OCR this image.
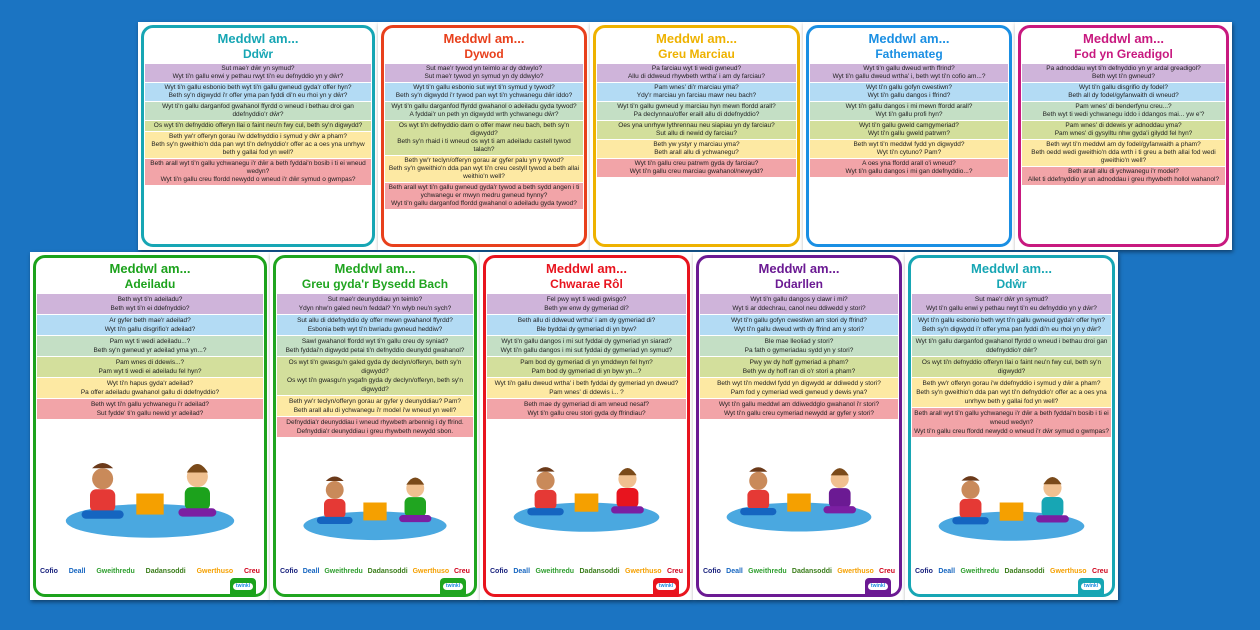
Meddwl am...
Ddŵr
Sut mae'r dŵr yn symud?
Wyt ti'n gallu enwi y pethau rwyt ti'n eu defnyddio yn y dŵr?
Wyt ti'n gallu esbonio beth wyt ti'n gallu gwneud gyda'r offer hyn?
Beth sy'n digwydd i'r offer yma pan fyddi di'n eu rhoi yn y dŵr?
Wyt ti'n gallu darganfod gwahanol ffyrdd o wneud i bethau droi gan ddefnyddio'r dŵr?
Os wyt ti'n defnyddio offeryn llai o faint neu'n fwy cul, beth sy'n digwydd?
Beth yw'r offeryn gorau i'w ddefnyddio i symud y dŵr a pham?
Beth sy'n gweithio'n dda pan wyt ti'n defnyddio'r offer ac a oes yna unrhyw beth y gallai fod yn well?
Beth arall wyt ti'n gallu ychwanegu i'r dŵr a beth fyddai'n bosib i ti ei wneud wedyn?
Wyt ti'n gallu creu ffordd newydd o wneud i'r dŵr symud o gwmpas?
Meddwl am...
Dywod
Sut mae'r tywod yn teimlo ar dy ddwylo?
Sut mae'r tywod yn symud yn dy ddwylo?
Wyt ti'n gallu esbonio sut wyt ti'n symud y tywod?
Beth sy'n digwydd i'r tywod pan wyt ti'n ychwanegu dŵr iddo?
Wyt ti'n gallu darganfod ffyrdd gwahanol o adeiladu gyda tywod?
A fyddai'r un peth yn digwydd wrth ychwanegu dŵr?
Os wyt ti'n defnyddio darn o offer mawr neu bach, beth sy'n digwydd?
Beth sy'n rhaid i ti wneud os wyt ti am adeiladu castell tywod talach?
Beth yw'r teclyn/offeryn gorau ar gyfer palu yn y tywod?
Beth sy'n gweithio'n dda pan wyt ti'n creu cestyll tywod a beth allai weithio'n well?
Beth arall wyt ti'n gallu gwneud gyda'r tywod a beth sydd angen i ti ychwanegu er mwyn medru gwneud hynny?
Wyt ti'n gallu darganfod ffordd gwahanol o adeiladu gyda tywod?
Meddwl am...
Greu Marciau
Pa farciau wyt ti wedi gwneud?
Allu di ddweud rhywbeth wrtha' i am dy farciau?
Pam wnes' di'r marciau yma?
Ydy'r marciau yn farciau mawr neu bach?
Wyt ti'n gallu gwneud y marciau hyn mewn ffordd arall?
Pa declynnau/offer eraill allu di ddefnyddio?
Oes yna unrhyw lythrennau neu siapiau yn dy farciau?
Sut allu di newid dy farciau?
Beth yw ystyr y marciau yma?
Beth arall allu di ychwanegu?
Wyt ti'n gallu creu patrwm gyda dy farciau?
Wyt ti'n gallu creu marciau gwahanol/newydd?
Meddwl am...
Fathemateg
Wyt ti'n gallu dweud wrth ffrind?
Wyt ti'n gallu dweud wrtha' i, beth wyt ti'n cofio am...?
Wyt ti'n gallu gofyn cwestiwn?
Wyt ti'n gallu dangos i ffrind?
Wyt ti'n gallu dangos i mi mewn ffordd arall?
Wyt ti'n gallu profi hyn?
Wyt ti'n gallu gweld camgymeriad?
Wyt ti'n gallu gweld patrwm?
Beth wyt ti'n meddwl fydd yn digwydd?
Wyt ti'n cytuno? Pam?
A oes yna ffordd arall o'i wneud?
Wyt ti'n gallu dangos i mi gan ddefnyddio...?
Meddwl am...
Fod yn Greadigol
Pa adnoddau wyt ti'n defnyddio yn yr ardal greadigol?
Beth wyt ti'n gwneud?
Wyt ti'n gallu disgrifio dy fodel?
Beth all dy fodel/gyfanwaith di wneud?
Pam wnes' di benderfynu creu...?
Beth wyt ti wedi ychwanegu iddo i ddangos mai... yw e'?
Pam wnes' di ddewis yr adnoddau yma?
Pam wnes' di gysylltu nhw gyda'i gilydd fel hyn?
Beth wyt ti'n meddwl am dy fodel/gyfanwaith a pham?
Beth oedd wedi gweithio'n dda wrth i ti greu a beth allai fod wedi gweithio'n well?
Beth arall allu di ychwanegu i'r model?
Allet ti ddefnyddio yr un adnoddau i greu rhywbeth hollol wahanol?
Meddwl am...
Adeiladu
Beth wyt ti'n adeiladu?
Beth wyt ti'n ei ddefnyddio?
Ar gyfer beth mae'r adeilad?
Wyt ti'n gallu disgrifio'r adeilad?
Pam wyt ti wedi adeiladu...?
Beth sy'n gwneud yr adeilad yma yn...?
Pam wnes di ddewis...?
Pam wyt ti wedi ei adeiladu fel hyn?
Wyt ti'n hapus gyda'r adeilad?
Pa offer adeiladu gwahanol gallu di ddefnyddio?
Beth wyt ti'n gallu ychwanegu i'r adeilad?
Sut fydde' ti'n gallu newid yr adeilad?
Cofio Deall Gweithredu Dadansoddi Gwerthuso Creu
twinkl
Meddwl am...
Greu gyda'r Bysedd Bach
Sut mae'r deunyddiau yn teimlo?
Ydyn nhw'n galed neu'n feddal? Yn wlyb neu'n sych?
Sut allu di ddefnyddio dy offer mewn gwahanol ffyrdd?
Esbonia beth wyt ti'n bwriadu gwneud heddiw?
Sawl gwahanol ffordd wyt ti'n gallu creu dy syniad?
Beth fyddai'n digwydd petai ti'n defnyddio deunydd gwahanol?
Os wyt ti'n gwasgu'n galed gyda dy declyn/offeryn, beth sy'n digwydd?
Os wyt ti'n gwasgu'n ysgafn gyda dy declyn/offeryn, beth sy'n digwydd?
Beth yw'r teclyn/offeryn gorau ar gyfer y deunyddiau? Pam?
Beth arall allu di ychwanegu i'r model i'w wneud yn well?
Defnyddia'r deunyddiau i wneud rhywbeth arbennig i dy ffrind.
Defnyddia'r deunyddiau i greu rhywbeth newydd sbon.
Cofio Deall Gweithredu Dadansoddi Gwerthuso Creu
twinkl
Meddwl am...
Chwarae Rôl
Fel pwy wyt ti wedi gwisgo?
Beth yw enw dy gymeriad di?
Beth allu di ddweud wrtha' i am dy gymeriad di?
Ble byddai dy gymeriad di yn byw?
Wyt ti'n gallu dangos i mi sut fyddai dy gymeriad yn siarad?
Wyt ti'n gallu dangos i mi sut fyddai dy gymeriad yn symud?
Pam bod dy gymeriad di yn ymddwyn fel hyn?
Pam bod dy gymeriad di yn byw yn...?
Wyt ti'n gallu dweud wrtha' i beth fyddai dy gymeriad yn dweud?
Pam wnes' di ddewis i... ?
Beth mae dy gymeriad di am wneud nesaf?
Wyt ti'n gallu creu stori gyda dy ffrindiau?
Cofio Deall Gweithredu Dadansoddi Gwerthuso Creu
twinkl
Meddwl am...
Ddarllen
Wyt ti'n gallu dangos y clawr i mi?
Wyt ti ar ddechrau, canol neu ddiwedd y stori?
Wyt ti'n gallu gofyn cwestiwn am stori dy ffrind?
Wyt ti'n gallu dweud wrth dy ffrind am y stori?
Ble mae lleoliad y stori?
Pa fath o gymeriadau sydd yn y stori?
Pwy yw dy hoff gymeriad a pham?
Beth yw dy hoff ran di o'r stori a pham?
Beth wyt ti'n meddwl fydd yn digwydd ar ddiwedd y stori?
Pam fod y cymeriad wedi gwneud y dewis yna?
Wyt ti'n gallu meddwl am ddiweddglo gwahanol i'r stori?
Wyt ti'n gallu creu cymeriad newydd ar gyfer y stori?
Cofio Deall Gweithredu Dadansoddi Gwerthuso Creu
twinkl
Meddwl am...
Ddŵr
Sut mae'r dŵr yn symud?
Wyt ti'n gallu enwi y pethau rwyt ti'n eu defnyddio yn y dŵr?
Wyt ti'n gallu esbonio beth wyt ti'n gallu gwneud gyda'r offer hyn?
Beth sy'n digwydd i'r offer yma pan fyddi di'n eu rhoi yn y dŵr?
Wyt ti'n gallu darganfod gwahanol ffyrdd o wneud i bethau droi gan ddefnyddio'r dŵr?
Os wyt ti'n defnyddio offeryn llai o faint neu'n fwy cul, beth sy'n digwydd?
Beth yw'r offeryn gorau i'w ddefnyddio i symud y dŵr a pham?
Beth sy'n gweithio'n dda pan wyt ti'n defnyddio'r offer ac a oes yna unrhyw beth y gallai fod yn well?
Beth arall wyt ti'n gallu ychwanegu i'r dŵr a beth fyddai'n bosib i ti ei wneud wedyn?
Wyt ti'n gallu creu ffordd newydd o wneud i'r dŵr symud o gwmpas?
Cofio Deall Gweithredu Dadansoddi Gwerthuso Creu
twinkl
